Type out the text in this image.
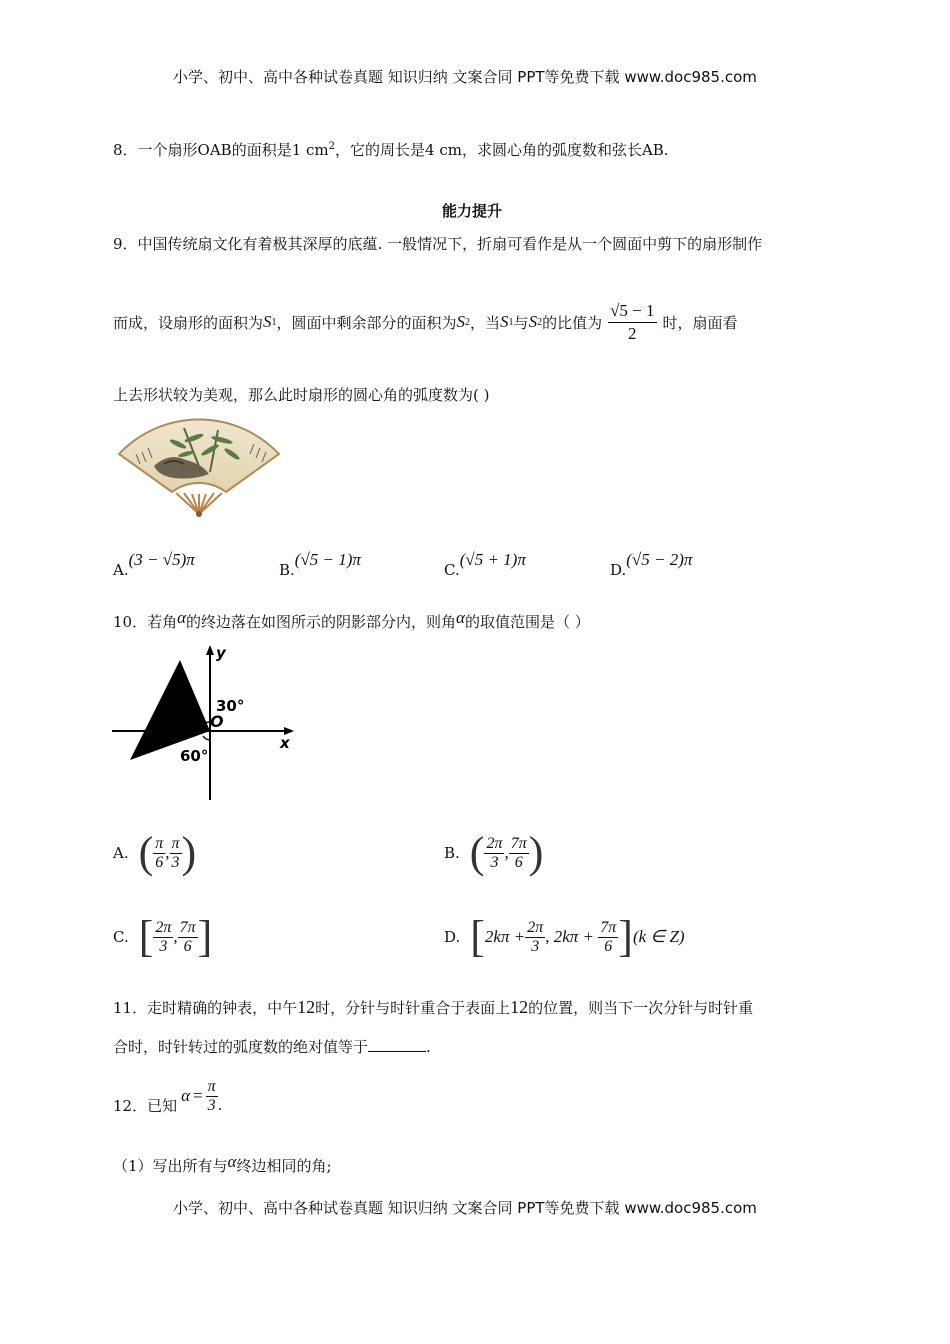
小学、初中、高中各种试卷真题 知识归纳 文案合同 PPT等免费下载 www.doc985.com
8．一个扇形OAB的面积是1 $cm^2$，它的周长是4 cm，求圆心角的弧度数和弦长AB.
能力提升
9．中国传统扇文化有着极其深厚的底蕴. 一般情况下，折扇可看作是从一个圆面中剪下的扇形制作
而成，设扇形的面积为 S 1 ，圆面中剩余部分的面积为 S 2 ，当 S 1 与 S 2 的比值为 $\frac{√5 - 1}{2}$ 时，扇面看
上去形状较为美观，那么此时扇形的圆心角的弧度数为( )
A.(3 − √5)π
B.(√5 − 1)π
C.(√5 + 1)π
D.(√5 − 2)π
10．若角α的终边落在如图所示的阴影部分内，则角α的取值范围是（ ）
30°
O
60°
y
x
A. ( $\frac{\pi}{6}$ , $\frac{\pi}{3}$ )	B. ( $\frac{2\pi}{3}$ , $\frac{7\pi}{6}$ )
C. [ $\frac{2\pi}{3}$ , $\frac{7\pi}{6}$ ]	D. [ $2k\pi + \frac{2\pi}{3}$ , $2k\pi + \frac{7\pi}{6}$ ] (k ∈ Z)
11．走时精确的钟表，中午12时，分针与时针重合于表面上12的位置，则当下一次分针与时针重
合时，时针转过的弧度数的绝对值等于	.
12．已知
$\alpha = \frac{\pi}{3}$ .
（1）写出所有与α终边相同的角;
小学、初中、高中各种试卷真题 知识归纳 文案合同 PPT等免费下载 www.doc985.com
